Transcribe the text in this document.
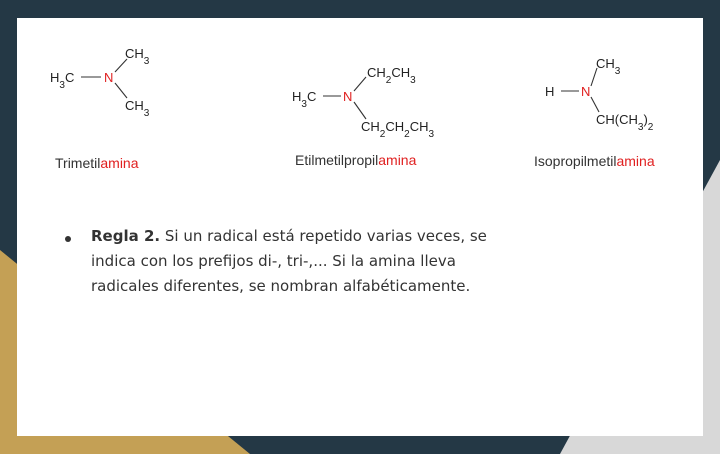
$H_3C$ N
$CH_3$
$CH_3$
Trimetilamina
$H_3C$ N
$CH_2CH_3$
$CH_2CH_2CH_3$
Etilmetilpropilamina
H N
$CH_3$
$CH(CH_3)_2$
Isopropilmetilamina
Regla 2. Si un radical está repetido varias veces, se indica con los prefijos di-, tri-,... Si la amina lleva radicales diferentes, se nombran alfabéticamente.
